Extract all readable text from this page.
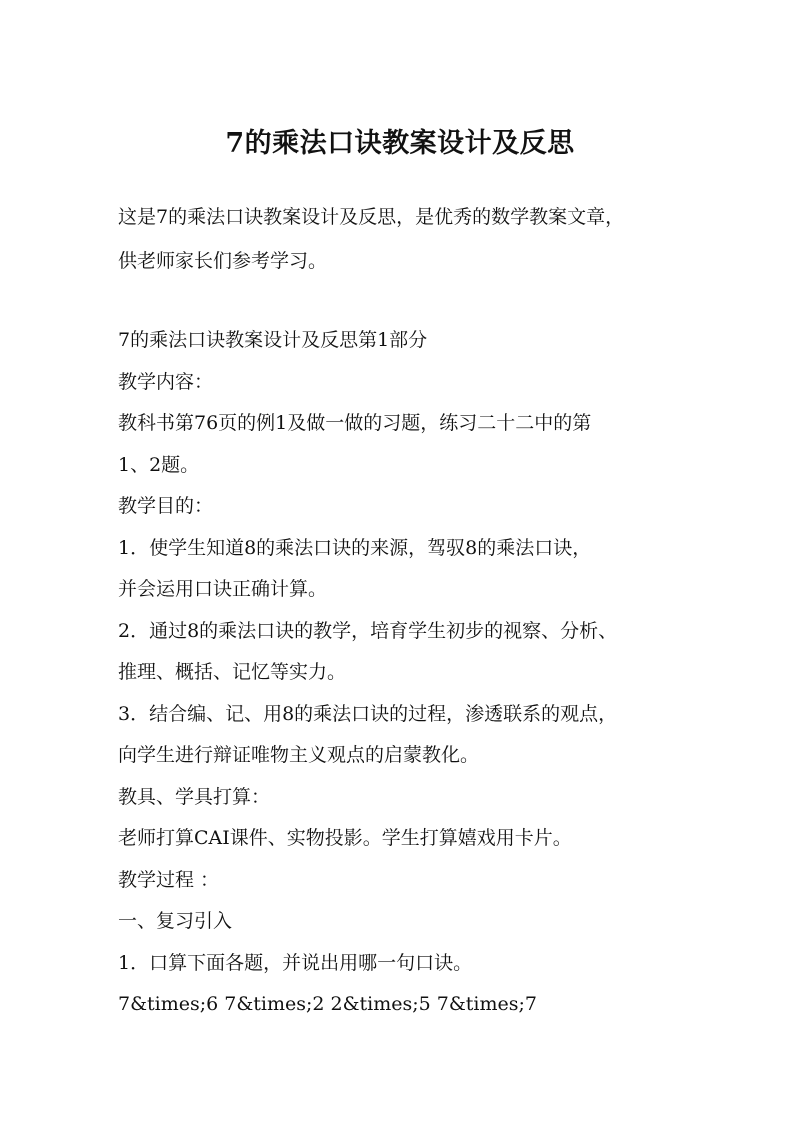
7的乘法口诀教案设计及反思
这是7的乘法口诀教案设计及反思，是优秀的数学教案文章，
供老师家长们参考学习。
7的乘法口诀教案设计及反思第1部分
教学内容：
教科书第76页的例1及做一做的习题，练习二十二中的第
1、2题。
教学目的：
1．使学生知道8的乘法口诀的来源，驾驭8的乘法口诀，
并会运用口诀正确计算。
2．通过8的乘法口诀的教学，培育学生初步的视察、分析、
推理、概括、记忆等实力。
3．结合编、记、用8的乘法口诀的过程，渗透联系的观点，
向学生进行辩证唯物主义观点的启蒙教化。
教具、学具打算：
老师打算CAI课件、实物投影。学生打算嬉戏用卡片。
教学过程 ：
一、复习引入
1．口算下面各题，并说出用哪一句口诀。
7&times;6 7&times;2 2&times;5 7&times;7
